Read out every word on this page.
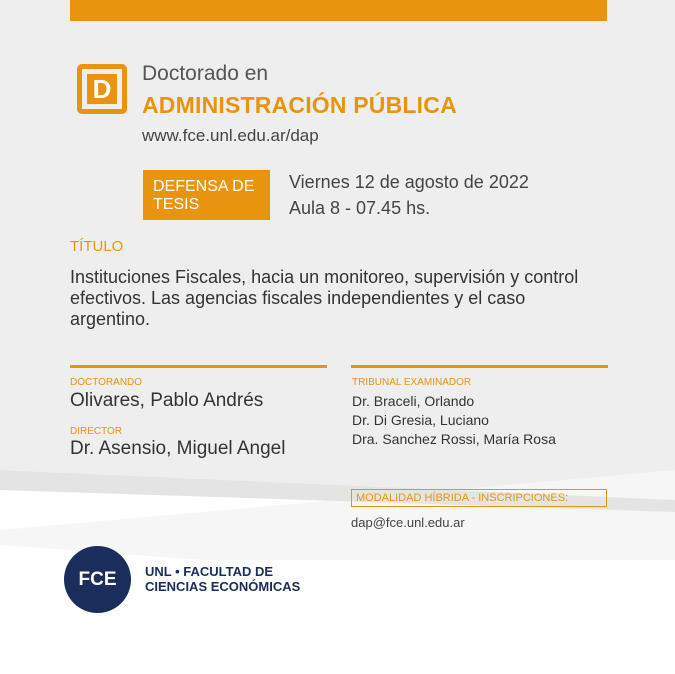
D
Doctorado en
ADMINISTRACIÓN PÚBLICA
www.fce.unl.edu.ar/dap
DEFENSA DE
TESIS
Viernes 12 de agosto de 2022
Aula 8 - 07.45 hs.
TÍTULO
Instituciones Fiscales, hacia un monitoreo, supervisión y control efectivos. Las agencias fiscales independientes y el caso argentino.
DOCTORANDO
Olivares, Pablo Andrés
DIRECTOR
Dr. Asensio, Miguel Angel
TRIBUNAL EXAMINADOR
Dr. Braceli, Orlando
Dr. Di Gresia, Luciano
Dra. Sanchez Rossi, María Rosa
MODALIDAD HÍBRIDA - INSCRIPCIONES:
dap@fce.unl.edu.ar
FCE	UNL • FACULTAD DE
CIENCIAS ECONÓMICAS
